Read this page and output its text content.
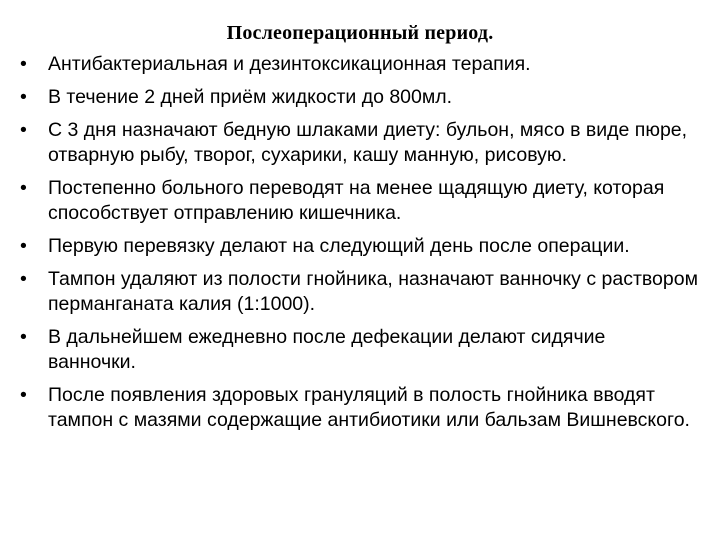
Послеоперационный период.
•	Антибактериальная и дезинтоксикационная терапия.
•	В течение 2 дней приём жидкости до 800мл.
•	С 3 дня назначают бедную шлаками диету: бульон, мясо в виде пюре, отварную рыбу, творог, сухарики, кашу манную, рисовую.
•	Постепенно больного переводят на менее щадящую диету, которая способствует отправлению кишечника.
•	Первую перевязку делают на следующий день после операции.
•	Тампон удаляют из полости гнойника, назначают ванночку с раствором перманганата калия (1:1000).
•	В дальнейшем ежедневно после дефекации делают сидячие ванночки.
•	После появления здоровых грануляций в полость гнойника вводят тампон с мазями содержащие антибиотики или бальзам Вишневского.
